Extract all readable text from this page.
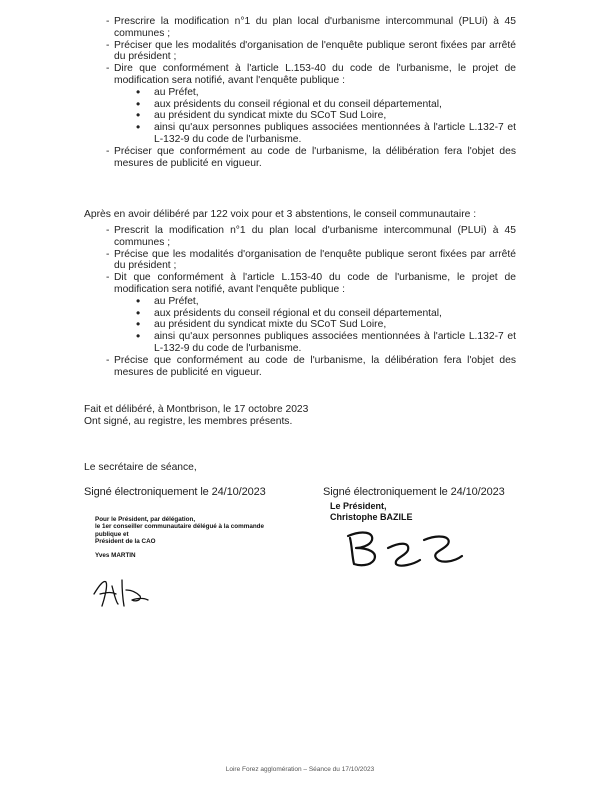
- Prescrire la modification n°1 du plan local d'urbanisme intercommunal (PLUi) à 45 communes ;
- Préciser que les modalités d'organisation de l'enquête publique seront fixées par arrêté du président ;
- Dire que conformément à l'article L.153-40 du code de l'urbanisme, le projet de modification sera notifié, avant l'enquête publique :
• au Préfet,
• aux présidents du conseil régional et du conseil départemental,
• au président du syndicat mixte du SCoT Sud Loire,
• ainsi qu'aux personnes publiques associées mentionnées à l'article L.132-7 et L-132-9 du code de l'urbanisme.
- Préciser que conformément au code de l'urbanisme, la délibération fera l'objet des mesures de publicité en vigueur.
Après en avoir délibéré par 122 voix pour et 3 abstentions, le conseil communautaire :
- Prescrit la modification n°1 du plan local d'urbanisme intercommunal (PLUi) à 45 communes ;
- Précise que les modalités d'organisation de l'enquête publique seront fixées par arrêté du président ;
- Dit que conformément à l'article L.153-40 du code de l'urbanisme, le projet de modification sera notifié, avant l'enquête publique :
• au Préfet,
• aux présidents du conseil régional et du conseil départemental,
• au président du syndicat mixte du SCoT Sud Loire,
• ainsi qu'aux personnes publiques associées mentionnées à l'article L.132-7 et L-132-9 du code de l'urbanisme.
- Précise que conformément au code de l'urbanisme, la délibération fera l'objet des mesures de publicité en vigueur.
Fait et délibéré, à Montbrison, le 17 octobre 2023
Ont signé, au registre, les membres présents.
Le secrétaire de séance,
Signé électroniquement le 24/10/2023
Pour le Président, par délégation,
le 1er conseiller communautaire délégué à la commande
publique et
Président de la CAO
Yves MARTIN
Signé électroniquement le 24/10/2023
Le Président,
Christophe BAZILE
Loire Forez agglomération – Séance du 17/10/2023
